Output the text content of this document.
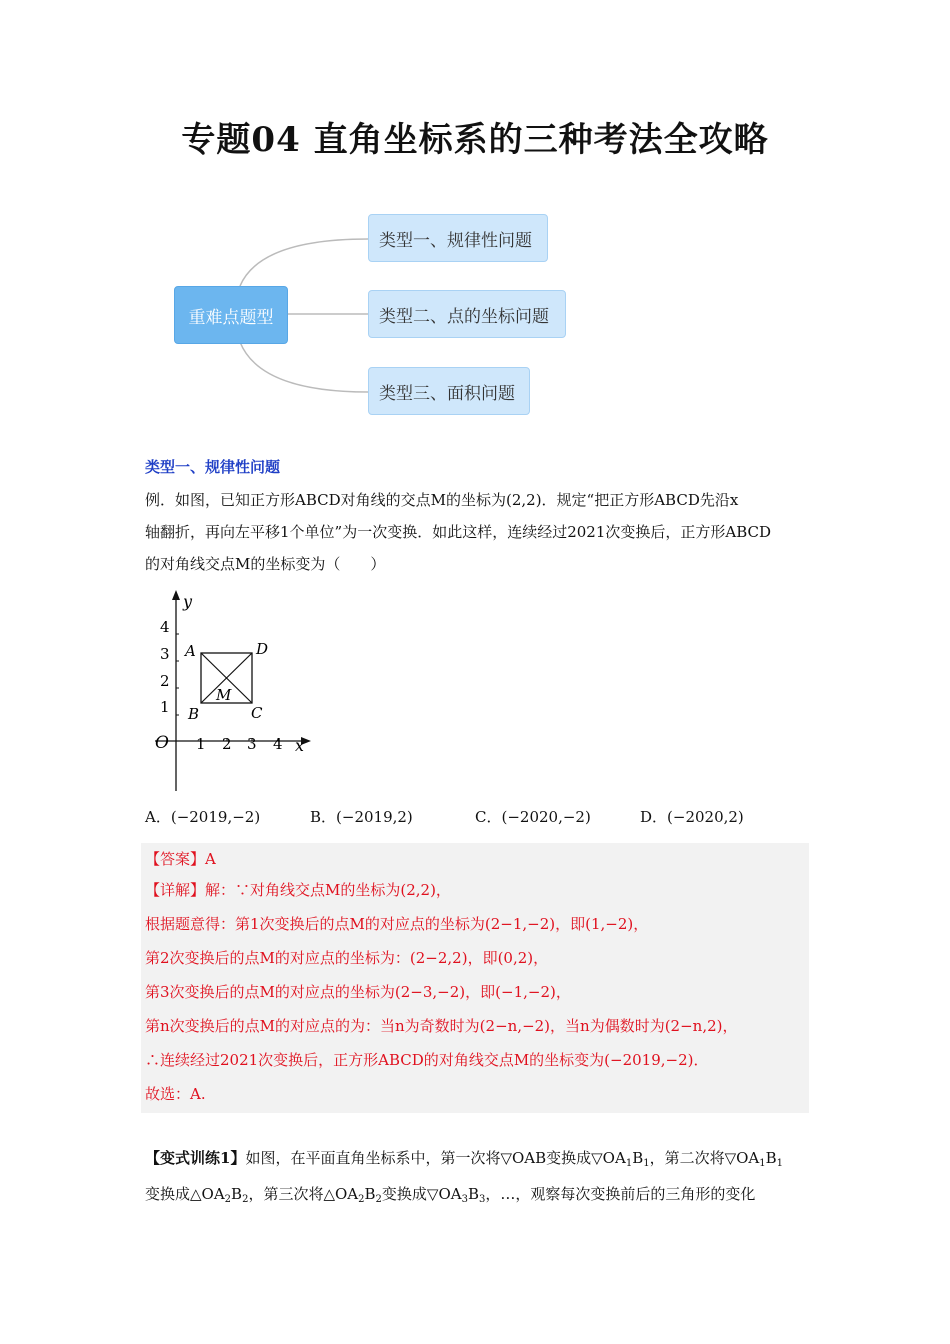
专题04 直角坐标系的三种考法全攻略
重难点题型
类型一、规律性问题
类型二、点的坐标问题
类型三、面积问题
类型一、规律性问题
例．如图，已知正方形ABCD对角线的交点M的坐标为(2,2)．规定“把正方形ABCD先沿x
轴翻折，再向左平移1个单位”为一次变换．如此这样，连续经过2021次变换后，正方形ABCD
的对角线交点M的坐标变为（　　）
y
x
O 1 2 3 4
1
2
3
4
A	D
B	C
M
A．(−2019,−2)	B．(−2019,2)	C．(−2020,−2)	D．(−2020,2)
【答案】A
【详解】解：∵对角线交点M的坐标为(2,2)，
根据题意得：第1次变换后的点M的对应点的坐标为(2−1,−2)，即(1,−2)，
第2次变换后的点M的对应点的坐标为：(2−2,2)，即(0,2)，
第3次变换后的点M的对应点的坐标为(2−3,−2)，即(−1,−2)，
第n次变换后的点M的对应点的为：当n为奇数时为(2−n,−2)，当n为偶数时为(2−n,2)，
∴连续经过2021次变换后，正方形ABCD的对角线交点M的坐标变为(−2019,−2)．
故选：A.
【变式训练1】如图，在平面直角坐标系中，第一次将▽OAB变换成$▽OA_1B_1$，第二次将$▽OA_1B_1$
变换成$\triangle OA_2B_2$，第三次将$\triangle OA_2B_2$变换成$▽OA_3B_3$，…，观察每次变换前后的三角形的变化
